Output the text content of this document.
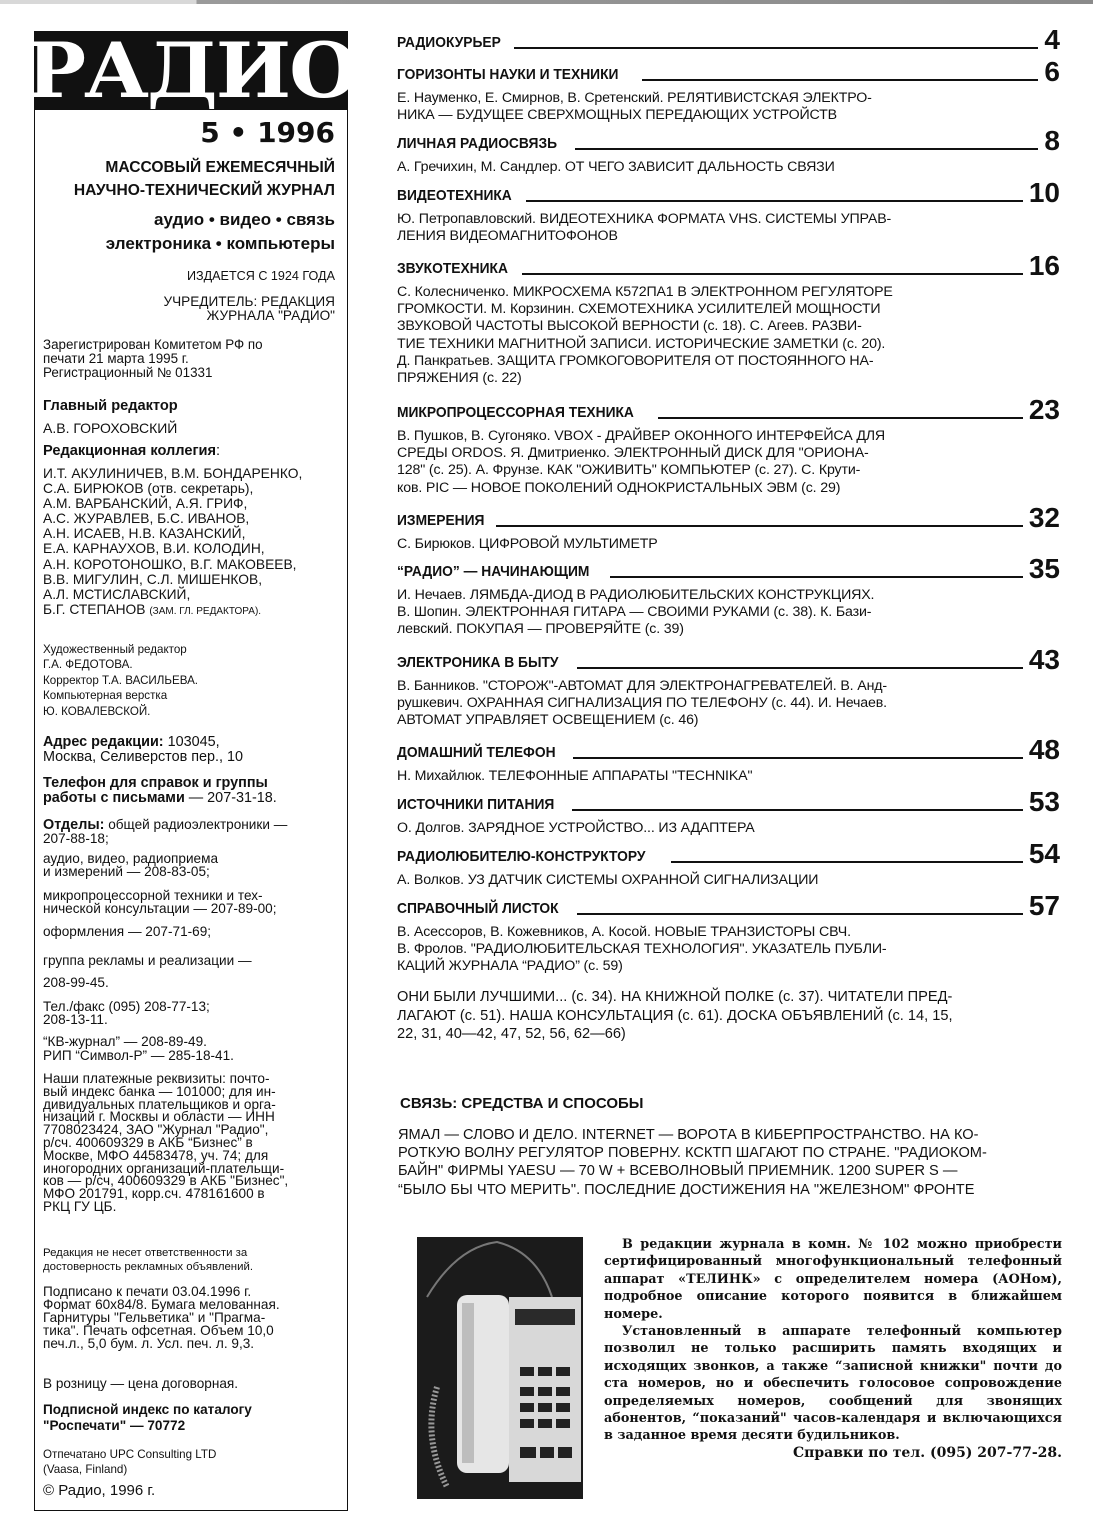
РАДИО
5 • 1996
МАССОВЫЙ ЕЖЕМЕСЯЧНЫЙ
НАУЧНО-ТЕХНИЧЕСКИЙ ЖУРНАЛ
аудио • видео • связь
электроника • компьютеры
ИЗДАЕТСЯ С 1924 ГОДА
УЧРЕДИТЕЛЬ: РЕДАКЦИЯ
ЖУРНАЛА "РАДИО"
Зарегистрирован Комитетом РФ по
печати 21 марта 1995 г.
Регистрационный № 01331
Главный редактор
А.В. ГОРОХОВСКИЙ
Редакционная коллегия:
И.Т. АКУЛИНИЧЕВ, В.М. БОНДАРЕНКО,
С.А. БИРЮКОВ (отв. секретарь),
А.М. ВАРБАНСКИЙ, А.Я. ГРИФ,
А.С. ЖУРАВЛЕВ, Б.С. ИВАНОВ,
А.Н. ИСАЕВ, Н.В. КАЗАНСКИЙ,
Е.А. КАРНАУХОВ, В.И. КОЛОДИН,
А.Н. КОРОТОНОШКО, В.Г. МАКОВЕЕВ,
В.В. МИГУЛИН, С.Л. МИШЕНКОВ,
А.Л. МСТИСЛАВСКИЙ,
Б.Г. СТЕПАНОВ (ЗАМ. ГЛ. РЕДАКТОРА).
Художественный редактор
Г.А. ФЕДОТОВА.
Корректор Т.А. ВАСИЛЬЕВА.
Компьютерная верстка
Ю. КОВАЛЕВСКОЙ.
Адрес редакции: 103045,
Москва, Селиверстов пер., 10
Телефон для справок и группы
работы с письмами — 207-31-18.
Отделы: общей радиоэлектроники —
207-88-18;
аудио, видео, радиоприема
и измерений — 208-83-05;
микропроцессорной техники и тех-
нической консультации — 207-89-00;
оформления — 207-71-69;
группа рекламы и реализации —
208-99-45.
Тел./факс (095) 208-77-13;
208-13-11.
“КВ-журнал” — 208-89-49.
РИП “Символ-Р” — 285-18-41.
Наши платежные реквизиты: почто-
вый индекс банка — 101000; для ин-
дивидуальных плательщиков и орга-
низаций г. Москвы и области — ИНН
7708023424, ЗАО "Журнал "Радио",
р/сч. 400609329 в АКБ “Бизнес” в
Москве, МФО 44583478, уч. 74; для
иногородних организаций-плательщи-
ков — р/сч, 400609329 в АКБ "Бизнес",
МФО 201791, корр.сч. 478161600 в
РКЦ ГУ ЦБ.
Редакция не несет ответственности за
достоверность рекламных объявлений.
Подписано к печати 03.04.1996 г.
Формат 60х84/8. Бумага мелованная.
Гарнитуры "Гельветика" и "Прагма-
тика". Печать офсетная. Объем 10,0
печ.л., 5,0 бум. л. Усл. печ. л. 9,3.
В розницу — цена договорная.
Подписной индекс по каталогу
"Роспечати" — 70772
Отпечатано UPC Consulting LTD
(Vaasa, Finland)
© Радио, 1996 г.
РАДИОКУРЬЕР	4
ГОРИЗОНТЫ НАУКИ И ТЕХНИКИ	6
Е. Науменко, Е. Смирнов, В. Сретенский. РЕЛЯТИВИСТСКАЯ ЭЛЕКТРО-
НИКА — БУДУЩЕЕ СВЕРХМОЩНЫХ ПЕРЕДАЮЩИХ УСТРОЙСТВ
ЛИЧНАЯ РАДИОСВЯЗЬ	8
А. Гречихин, М. Сандлер. ОТ ЧЕГО ЗАВИСИТ ДАЛЬНОСТЬ СВЯЗИ
ВИДЕОТЕХНИКА	10
Ю. Петропавловский. ВИДЕОТЕХНИКА ФОРМАТА VHS. СИСТЕМЫ УПРАВ-
ЛЕНИЯ ВИДЕОМАГНИТОФОНОВ
ЗВУКОТЕХНИКА	16
С. Колесниченко. МИКРОСХЕМА К572ПА1 В ЭЛЕКТРОННОМ РЕГУЛЯТОРЕ
ГРОМКОСТИ. М. Корзинин. СХЕМОТЕХНИКА УСИЛИТЕЛЕЙ МОЩНОСТИ
ЗВУКОВОЙ ЧАСТОТЫ ВЫСОКОЙ ВЕРНОСТИ (с. 18). С. Агеев. РАЗВИ-
ТИЕ ТЕХНИКИ МАГНИТНОЙ ЗАПИСИ. ИСТОРИЧЕСКИЕ ЗАМЕТКИ (с. 20).
Д. Панкратьев. ЗАЩИТА ГРОМКОГОВОРИТЕЛЯ ОТ ПОСТОЯННОГО НА-
ПРЯЖЕНИЯ (с. 22)
МИКРОПРОЦЕССОРНАЯ ТЕХНИКА	23
В. Пушков, В. Сугоняко. VBOX - ДРАЙВЕР ОКОННОГО ИНТЕРФЕЙСА ДЛЯ
СРЕДЫ ORDOS. Я. Дмитриенко. ЭЛЕКТРОННЫЙ ДИСК ДЛЯ "ОРИОНА-
128" (с. 25). А. Фрунзе. КАК "ОЖИВИТЬ" КОМПЬЮТЕР (с. 27). С. Крути-
ков. PIC — НОВОЕ ПОКОЛЕНИЙ ОДНОКРИСТАЛЬНЫХ ЭВМ (с. 29)
ИЗМЕРЕНИЯ	32
С. Бирюков. ЦИФРОВОЙ МУЛЬТИМЕТР
“РАДИО” — НАЧИНАЮЩИМ	35
И. Нечаев. ЛЯМБДА-ДИОД В РАДИОЛЮБИТЕЛЬСКИХ КОНСТРУКЦИЯХ.
В. Шопин. ЭЛЕКТРОННАЯ ГИТАРА — СВОИМИ РУКАМИ (с. 38). К. Бази-
левский. ПОКУПАЯ — ПРОВЕРЯЙТЕ (с. 39)
ЭЛЕКТРОНИКА В БЫТУ	43
В. Банников. "СТОРОЖ"-АВТОМАТ ДЛЯ ЭЛЕКТРОНАГРЕВАТЕЛЕЙ. В. Анд-
рушкевич. ОХРАННАЯ СИГНАЛИЗАЦИЯ ПО ТЕЛЕФОНУ (с. 44). И. Нечаев.
АВТОМАТ УПРАВЛЯЕТ ОСВЕЩЕНИЕМ (с. 46)
ДОМАШНИЙ ТЕЛЕФОН	48
Н. Михайлюк. ТЕЛЕФОННЫЕ АППАРАТЫ "TECHNIKA"
ИСТОЧНИКИ ПИТАНИЯ	53
О. Долгов. ЗАРЯДНОЕ УСТРОЙСТВО... ИЗ АДАПТЕРА
РАДИОЛЮБИТЕЛЮ-КОНСТРУКТОРУ	54
А. Волков. УЗ ДАТЧИК СИСТЕМЫ ОХРАННОЙ СИГНАЛИЗАЦИИ
СПРАВОЧНЫЙ ЛИСТОК	57
В. Асессоров, В. Кожевников, А. Косой. НОВЫЕ ТРАНЗИСТОРЫ СВЧ.
В. Фролов. "РАДИОЛЮБИТЕЛЬСКАЯ ТЕХНОЛОГИЯ". УКАЗАТЕЛЬ ПУБЛИ-
КАЦИЙ ЖУРНАЛА “РАДИО” (с. 59)
ОНИ БЫЛИ ЛУЧШИМИ... (с. 34). НА КНИЖНОЙ ПОЛКЕ (с. 37). ЧИТАТЕЛИ ПРЕД-
ЛАГАЮТ (с. 51). НАША КОНСУЛЬТАЦИЯ (с. 61). ДОСКА ОБЪЯВЛЕНИЙ (с. 14, 15,
22, 31, 40—42, 47, 52, 56, 62—66)
СВЯЗЬ: СРЕДСТВА И СПОСОБЫ
ЯМАЛ — СЛОВО И ДЕЛО. INTERNET — ВОРОТА В КИБЕРПРОСТРАНСТВО. НА КО-
РОТКУЮ ВОЛНУ РЕГУЛЯТОР ПОВЕРНУ. КСКТП ШАГАЮТ ПО СТРАНЕ. "РАДИОКОМ-
БАЙН" ФИРМЫ YAESU — 70 W + ВСЕВОЛНОВЫЙ ПРИЕМНИК. 1200 SUPER S —
“БЫЛО БЫ ЧТО МЕРИТЬ". ПОСЛЕДНИЕ ДОСТИЖЕНИЯ НА "ЖЕЛЕЗНОМ" ФРОНТЕ

В редакции журнала в комн. № 102 можно приобрести сертифицированный многофункциональный телефонный аппарат «ТЕЛИНК» с определителем номера (АОНом), подробное описание которого появится в ближайшем номере.

Установленный в аппарате телефонный компьютер позволил не только расширить память входящих и исходящих звонков, а также “записной книжки" почти до ста номеров, но и обеспечить голосовое сопровождение определяемых номеров, сообщений для звонящих абонентов, “показаний" часов-календаря и включающихся в заданное время десяти будильников.

Справки по тел. (095) 207-77-28.
